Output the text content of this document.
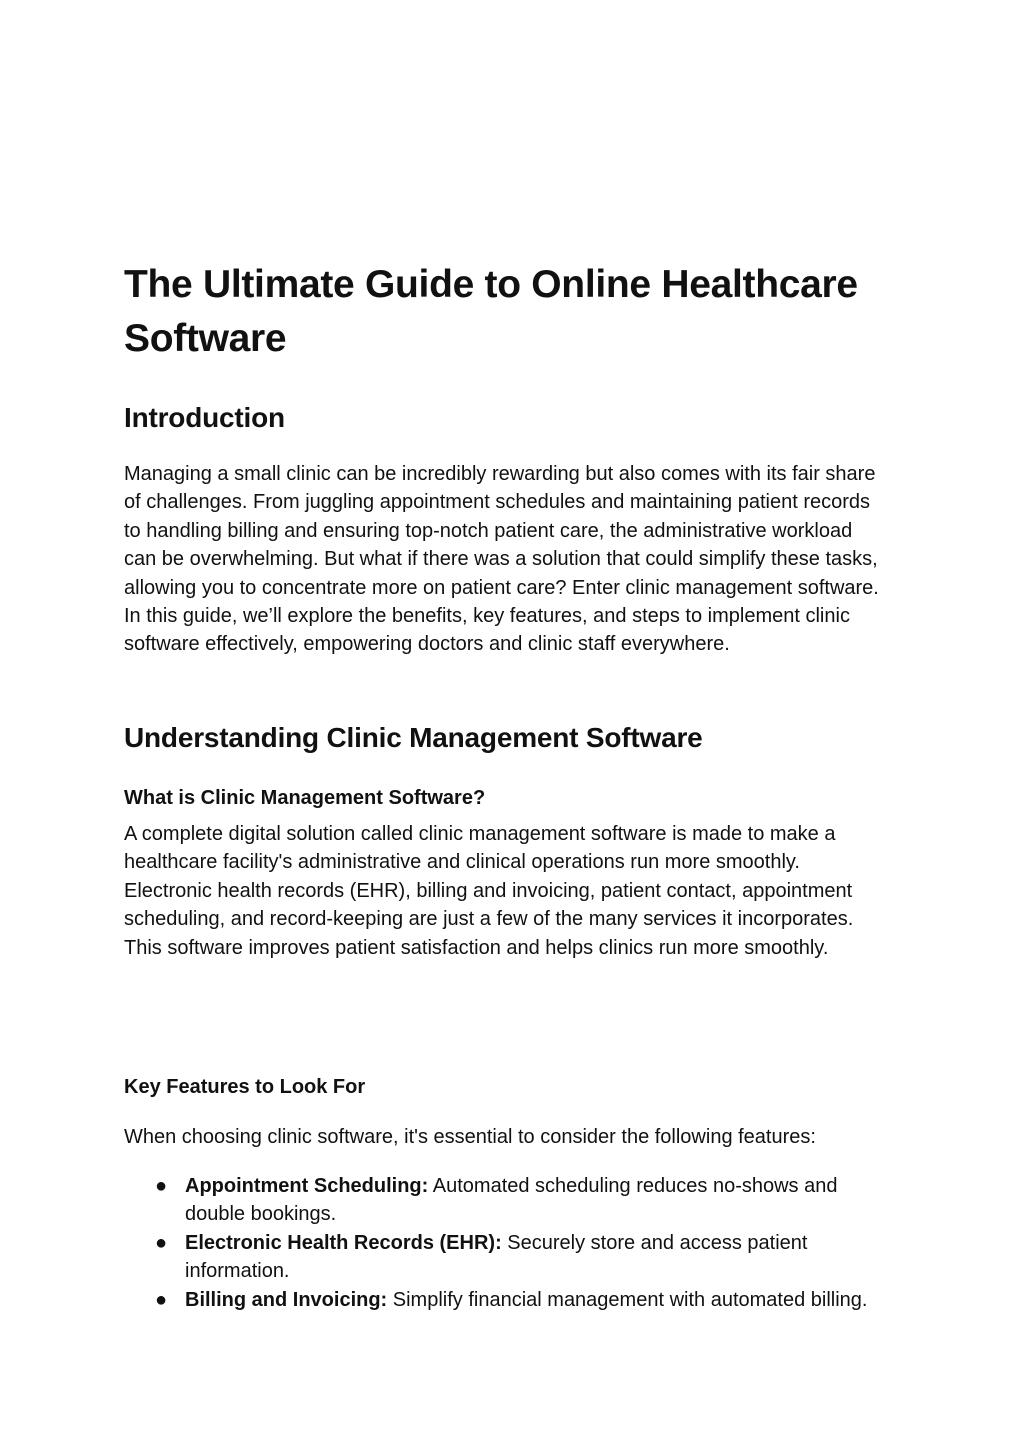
The Ultimate Guide to Online Healthcare Software
Introduction

Managing a small clinic can be incredibly rewarding but also comes with its fair share of challenges. From juggling appointment schedules and maintaining patient records to handling billing and ensuring top-notch patient care, the administrative workload can be overwhelming. But what if there was a solution that could simplify these tasks, allowing you to concentrate more on patient care? Enter clinic management software. In this guide, we’ll explore the benefits, key features, and steps to implement clinic software effectively, empowering doctors and clinic staff everywhere.

Understanding Clinic Management Software
What is Clinic Management Software?

A complete digital solution called clinic management software is made to make a healthcare facility's administrative and clinical operations run more smoothly. Electronic health records (EHR), billing and invoicing, patient contact, appointment scheduling, and record-keeping are just a few of the many services it incorporates. This software improves patient satisfaction and helps clinics run more smoothly.

Key Features to Look For

When choosing clinic software, it's essential to consider the following features:

● Appointment Scheduling: Automated scheduling reduces no-shows and double bookings.
● Electronic Health Records (EHR): Securely store and access patient information.
● Billing and Invoicing: Simplify financial management with automated billing.
